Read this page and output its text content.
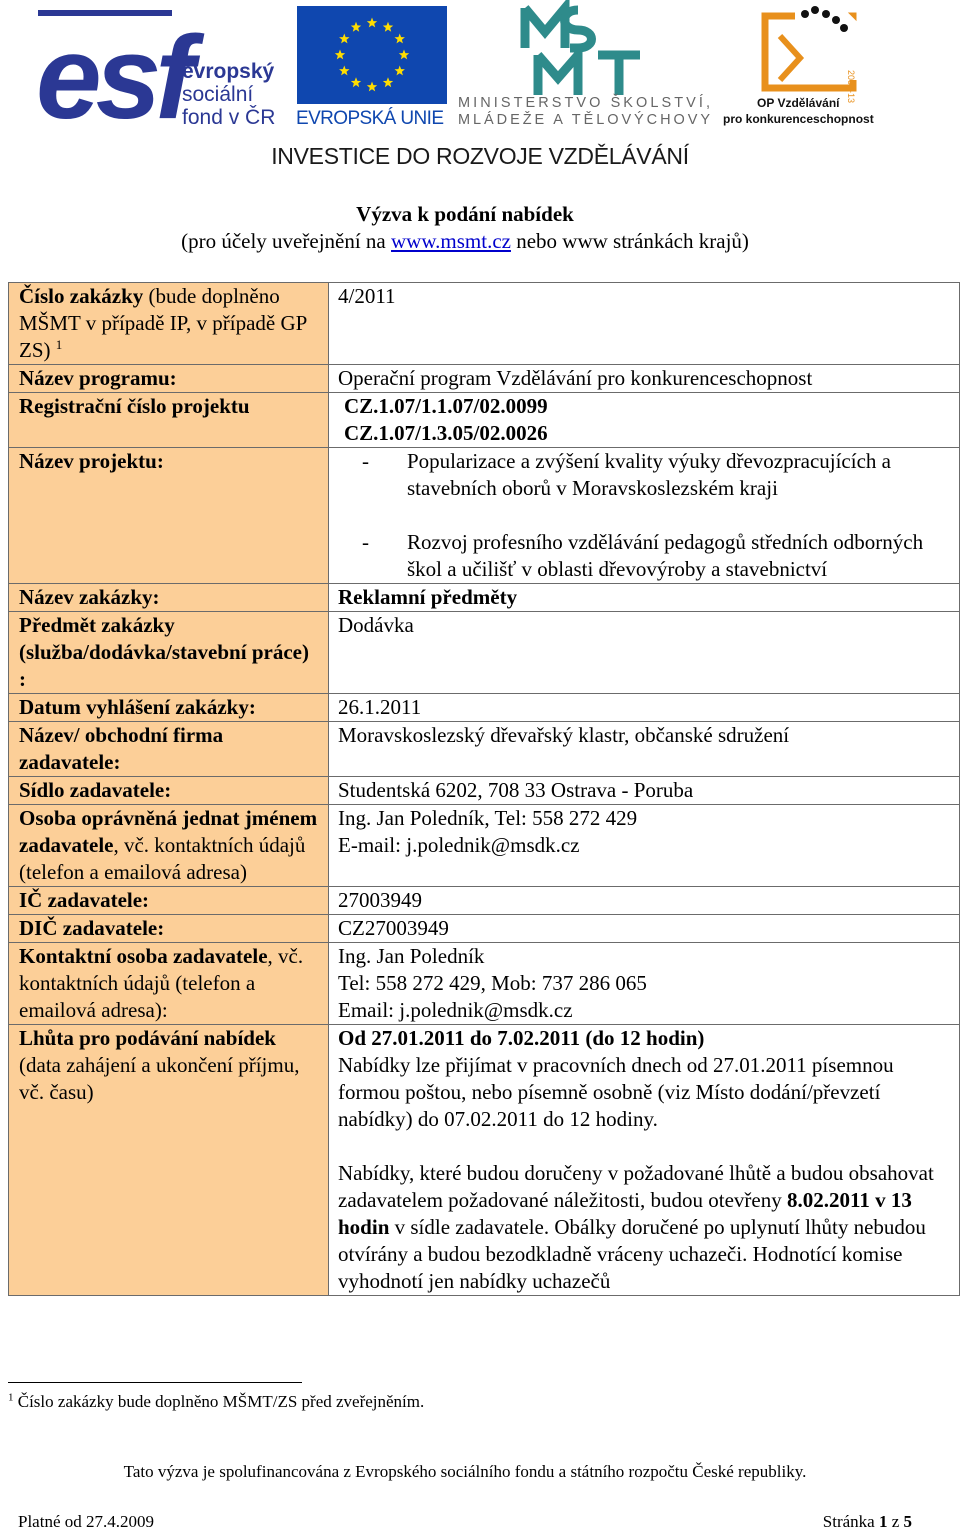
esf
evropský
sociální
fond v ČR EVROPSKÁ UNIE
MINISTERSTVO ŠKOLSTVÍ,
MLÁDEŽE A TĚLOVÝCHOVY
2007-13
OP Vzdělávání
pro konkurenceschopnost
INVESTICE DO ROZVOJE VZDĚLÁVÁNÍ
Výzva k podání nabídek
(pro účely uveřejnění na www.msmt.cz nebo www stránkách krajů)
Číslo zakázky (bude doplněno MŠMT v případě IP, v případě GP ZS) $^1$	4/2011
Název programu:	Operační program Vzdělávání pro konkurenceschopnost
Registrační číslo projektu	CZ.1.07/1.1.07/02.0099
CZ.1.07/1.3.05/02.0026

Název projektu:	- Popularizace a zvýšení kvality výuky dřevozpracujících a stavebních oborů v Moravskoslezském kraji
- Rozvoj profesního vzdělávání pedagogů středních odborných škol a učilišť v oblasti dřevovýroby a stavebnictví

Název zakázky:	Reklamní předměty
Předmět zakázky (služba/dodávka/stavební práce) :	Dodávka
Datum vyhlášení zakázky:	26.1.2011
Název/ obchodní firma zadavatele:	Moravskoslezský dřevařský klastr, občanské sdružení
Sídlo zadavatele:	Studentská 6202, 708 33 Ostrava - Poruba
Osoba oprávněná jednat jménem zadavatele, vč. kontaktních údajů (telefon a emailová adresa)	Ing. Jan Poledník, Tel: 558 272 429
E-mail: j.polednik@msdk.cz

IČ zadavatele:	27003949
DIČ zadavatele:	CZ27003949
Kontaktní osoba zadavatele, vč. kontaktních údajů (telefon a emailová adresa):	Ing. Jan Poledník
Tel: 558 272 429, Mob: 737 286 065
Email: j.polednik@msdk.cz

Lhůta pro podávání nabídek (data zahájení a ukončení příjmu, vč. času)	Od 27.01.2011 do 7.02.2011 (do 12 hodin)
Nabídky lze přijímat v pracovních dnech od 27.01.2011 písemnou formou poštou, nebo písemně osobně (viz Místo dodání/převzetí nabídky) do 07.02.2011 do 12 hodiny.
Nabídky, které budou doručeny v požadované lhůtě a budou obsahovat zadavatelem požadované náležitosti, budou otevřeny 8.02.2011 v 13 hodin v sídle zadavatele. Obálky doručené po uplynutí lhůty nebudou otvírány a budou bezodkladně vráceny uchazeči. Hodnotící komise vyhodnotí jen nabídky uchazečů
$^1$ Číslo zakázky bude doplněno MŠMT/ZS před zveřejněním.
Tato výzva je spolufinancována z Evropského sociálního fondu a státního rozpočtu České republiky.
Platné od 27.4.2009	Stránka 1 z 5
